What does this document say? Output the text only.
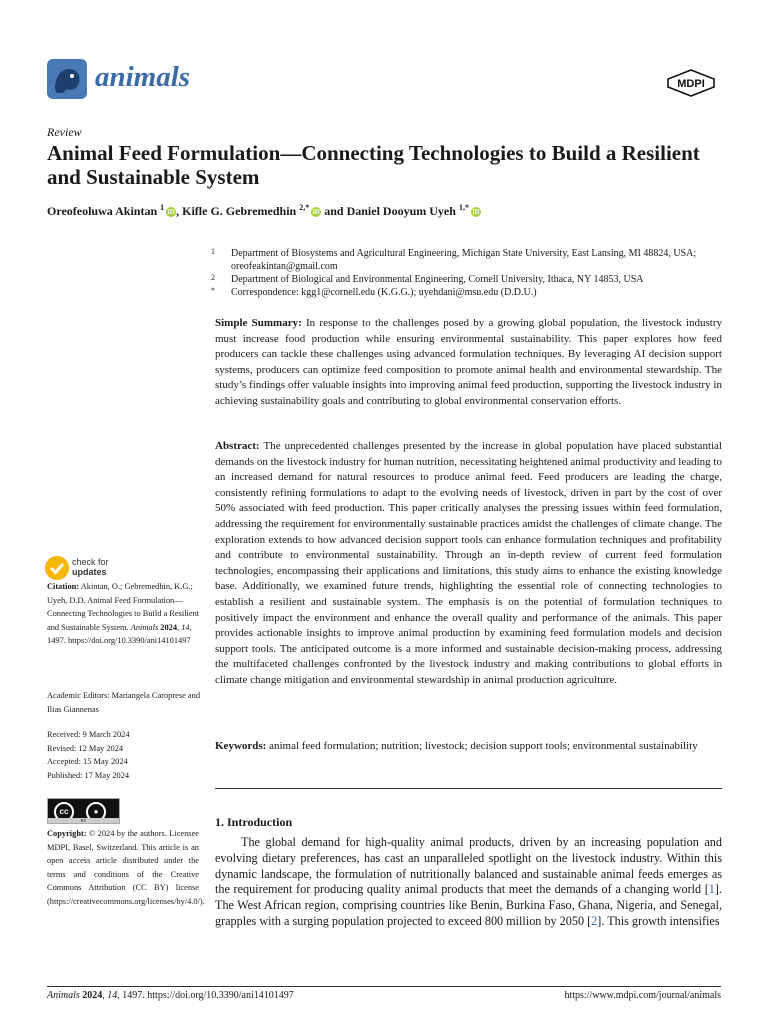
animals	MDPI
Review
Animal Feed Formulation—Connecting Technologies to Build a Resilient and Sustainable System
Oreofeoluwa Akintan $^1$ iD , Kifle G. Gebremedhin $^{2,*}$ iD and Daniel Dooyum Uyeh $^{1,*}$ iD
1 Department of Biosystems and Agricultural Engineering, Michigan State University, East Lansing, MI 48824, USA; oreofeakintan@gmail.com
2 Department of Biological and Environmental Engineering, Cornell University, Ithaca, NY 14853, USA
* Correspondence: kgg1@cornell.edu (K.G.G.); uyehdani@msu.edu (D.D.U.)
Simple Summary: In response to the challenges posed by a growing global population, the livestock industry must increase food production while ensuring environmental sustainability. This paper explores how feed producers can tackle these challenges using advanced formulation techniques. By leveraging AI decision support systems, producers can optimize feed composition to promote animal health and environmental stewardship. The study’s findings offer valuable insights into improving animal feed production, supporting the livestock industry in achieving sustainability goals and contributing to global environmental conservation efforts.
Abstract: The unprecedented challenges presented by the increase in global population have placed substantial demands on the livestock industry for human nutrition, necessitating heightened animal productivity and leading to an increased demand for natural resources to produce animal feed. Feed producers are leading the charge, consistently refining formulations to adapt to the evolving needs of livestock, driven in part by the cost of over 50% associated with feed production. This paper critically analyses the pressing issues within feed formulation, addressing the requirement for environmentally sustainable practices amidst the challenges of climate change. The exploration extends to how advanced decision support tools can enhance formulation techniques and profitability and contribute to environmental sustainability. Through an in-depth review of current feed formulation technologies, encompassing their applications and limitations, this study aims to enhance the existing knowledge base. Additionally, we examined future trends, highlighting the essential role of connecting technologies to establish a resilient and sustainable system. The emphasis is on the potential of formulation techniques to positively impact the environment and enhance the overall quality and performance of the animals. This paper provides actionable insights to improve animal production by examining feed formulation models and decision support tools. The anticipated outcome is a more informed and sustainable decision-making process, addressing the multifaceted challenges confronted by the livestock industry and making contributions to global efforts in climate change mitigation and environmental stewardship in animal production agriculture.
Keywords: animal feed formulation; nutrition; livestock; decision support tools; environmental sustainability
check for
updates
Citation: Akintan, O.; Gebremedhin, K.G.; Uyeh, D.D. Animal Feed Formulation—Connecting Technologies to Build a Resilient and Sustainable System. Animals 2024, 14, 1497. https://doi.org/10.3390/ani14101497
Academic Editors: Mariangela Caroprese and Ilias Giannenas
Received: 9 March 2024
Revised: 12 May 2024
Accepted: 15 May 2024
Published: 17 May 2024
cc	●
BY
Copyright: © 2024 by the authors. Licensee MDPI, Basel, Switzerland. This article is an open access article distributed under the terms and conditions of the Creative Commons Attribution (CC BY) license (https://creativecommons.org/licenses/by/4.0/).
1. Introduction
The global demand for high-quality animal products, driven by an increasing population and evolving dietary preferences, has cast an unparalleled spotlight on the livestock industry. Within this dynamic landscape, the formulation of nutritionally balanced and sustainable animal feeds emerges as the requirement for producing quality animal products that meet the demands of a changing world [1]. The West African region, comprising countries like Benin, Burkina Faso, Ghana, Nigeria, and Senegal, grapples with a surging population projected to exceed 800 million by 2050 [2]. This growth intensifies
Animals 2024, 14, 1497. https://doi.org/10.3390/ani14101497	https://www.mdpi.com/journal/animals
